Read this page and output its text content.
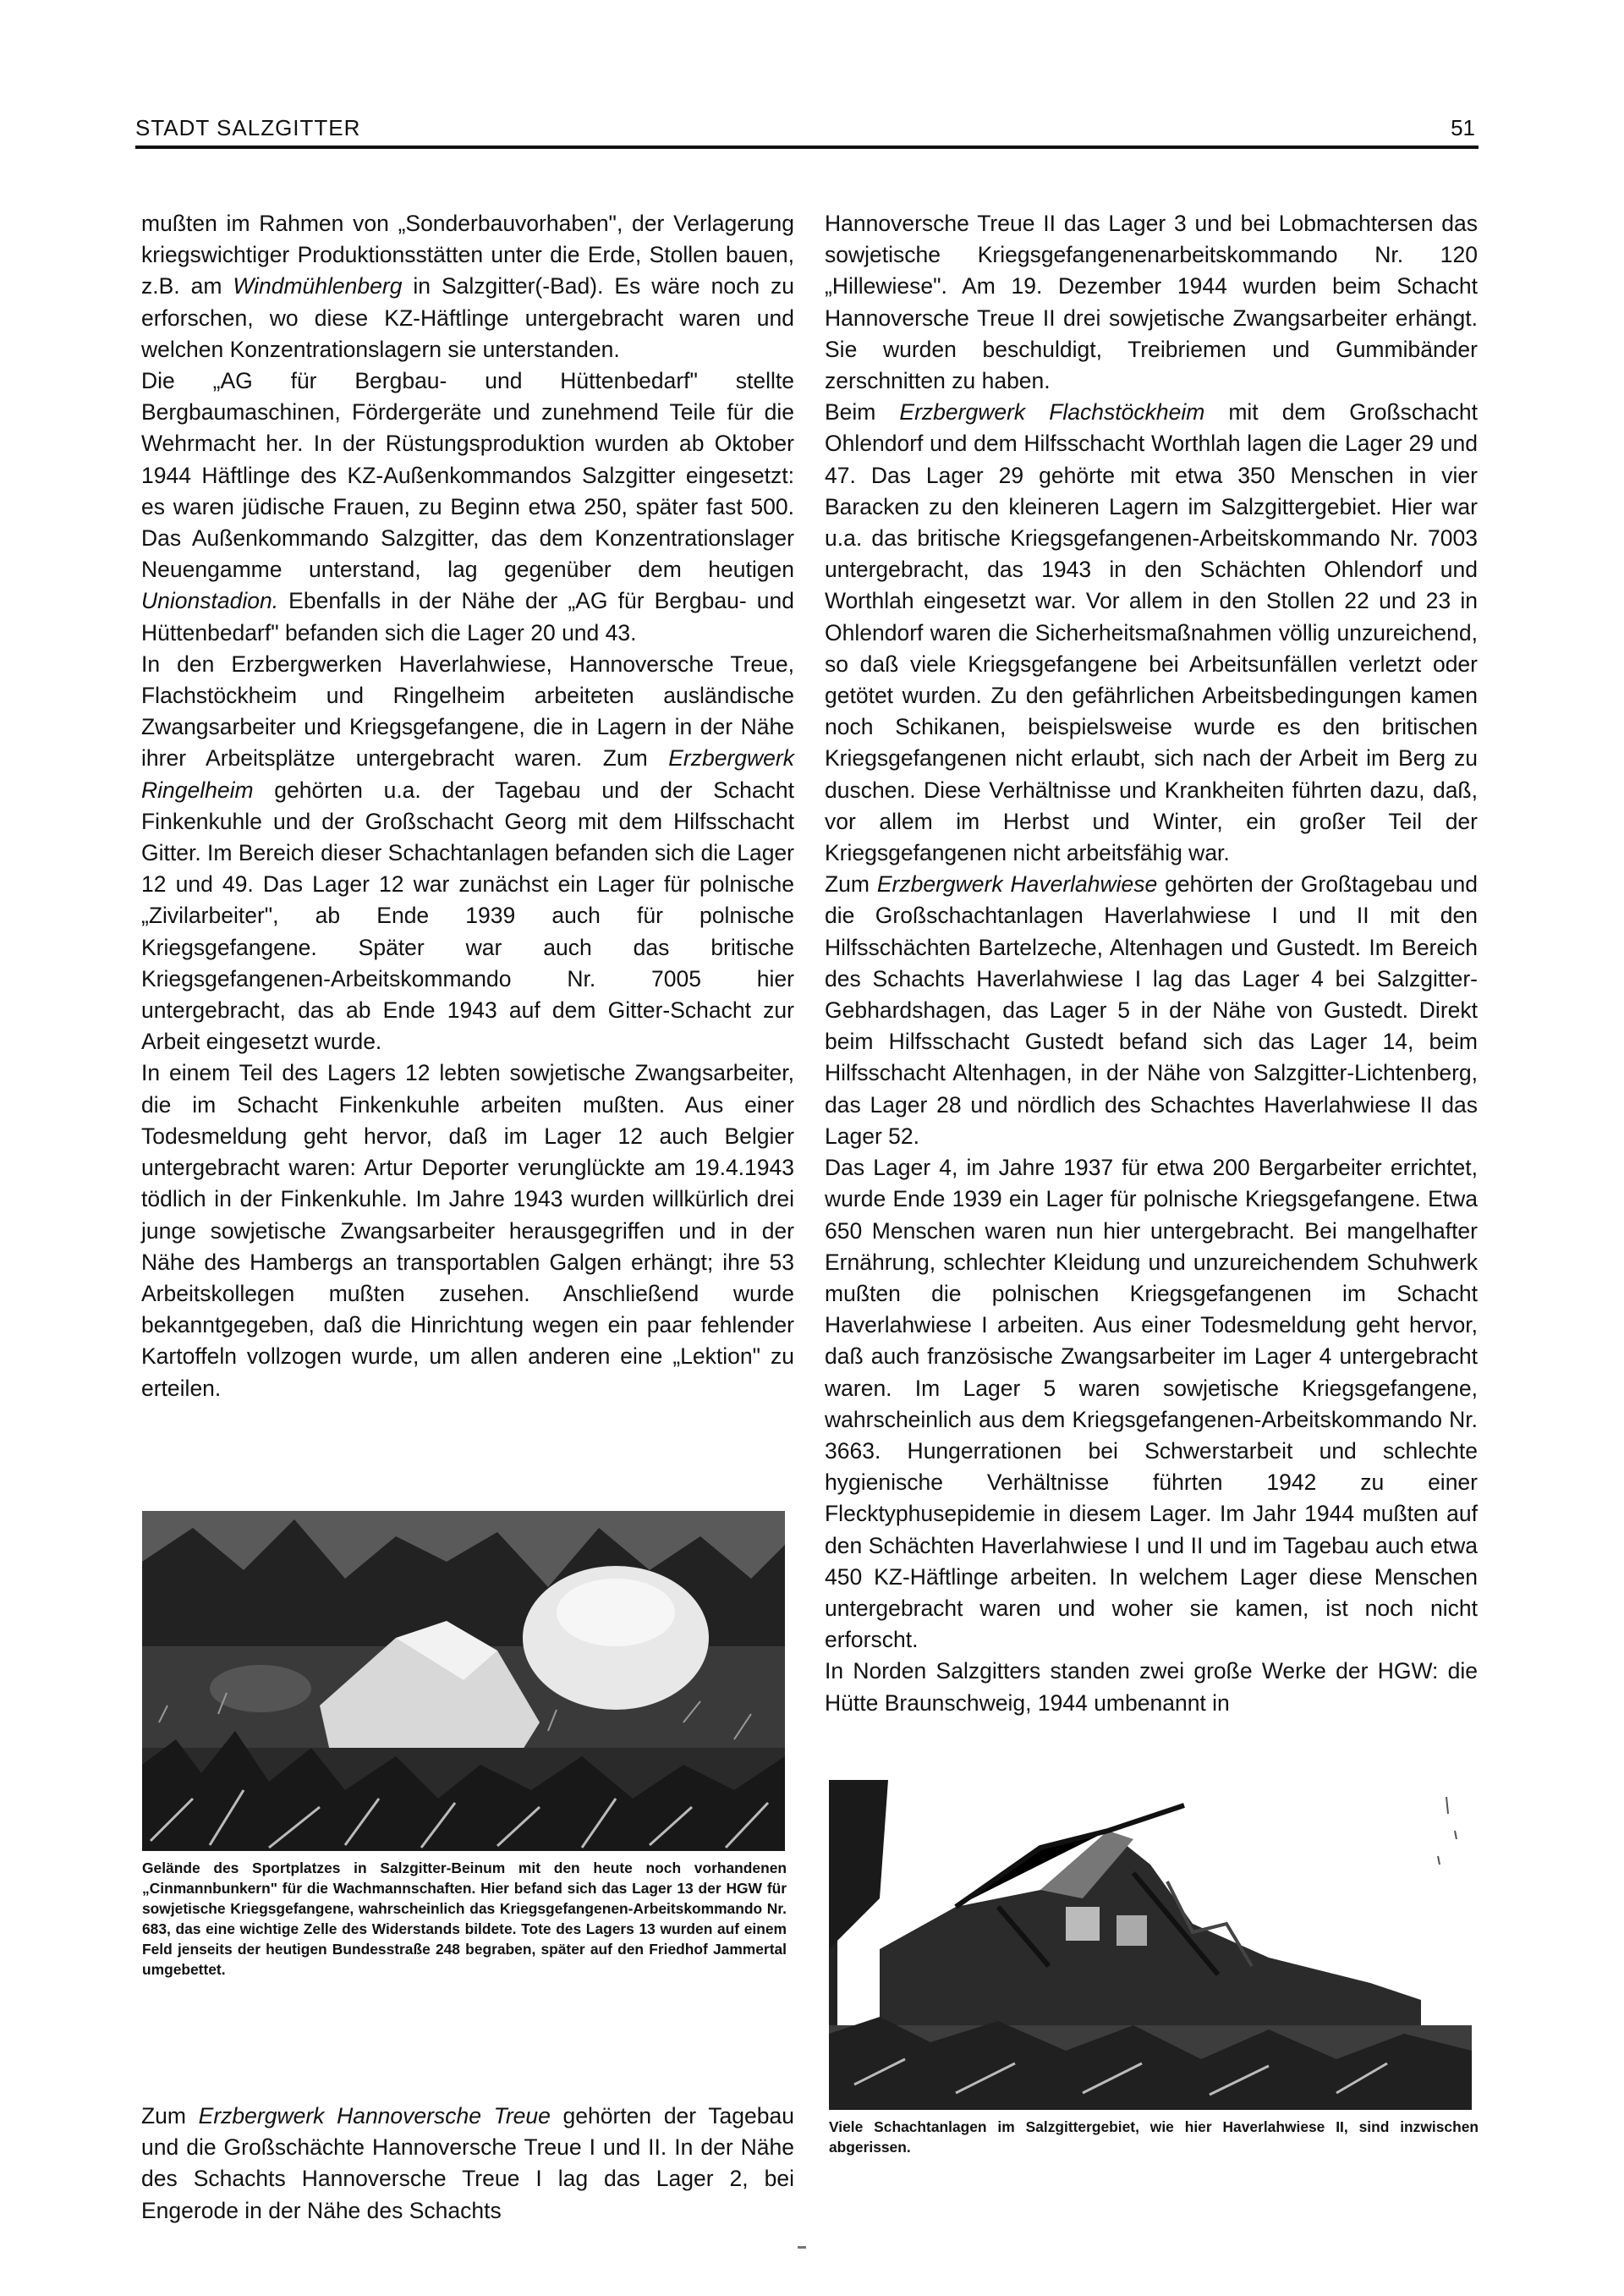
STADT SALZGITTER	51

mußten im Rahmen von „Sonderbauvorhaben", der Verlagerung kriegswichtiger Produktionsstätten unter die Erde, Stollen bauen, z.B. am Windmühlenberg in Salzgitter(-Bad). Es wäre noch zu erforschen, wo diese KZ-Häftlinge untergebracht waren und welchen Konzentrationslagern sie unterstanden.

Die „AG für Bergbau- und Hüttenbedarf" stellte Bergbaumaschinen, Fördergeräte und zunehmend Teile für die Wehrmacht her. In der Rüstungsproduktion wurden ab Oktober 1944 Häftlinge des KZ-Außenkommandos Salzgitter eingesetzt: es waren jüdische Frauen, zu Beginn etwa 250, später fast 500. Das Außenkommando Salzgitter, das dem Konzentrationslager Neuengamme unterstand, lag gegenüber dem heutigen Unionstadion. Ebenfalls in der Nähe der „AG für Bergbau- und Hüttenbedarf" befanden sich die Lager 20 und 43.

In den Erzbergwerken Haverlahwiese, Hannoversche Treue, Flachstöckheim und Ringelheim arbeiteten ausländische Zwangsarbeiter und Kriegsgefangene, die in Lagern in der Nähe ihrer Arbeitsplätze untergebracht waren. Zum Erzbergwerk Ringelheim gehörten u.a. der Tagebau und der Schacht Finkenkuhle und der Großschacht Georg mit dem Hilfsschacht Gitter. Im Bereich dieser Schachtanlagen befanden sich die Lager 12 und 49. Das Lager 12 war zunächst ein Lager für polnische „Zivilarbeiter", ab Ende 1939 auch für polnische Kriegsgefangene. Später war auch das britische Kriegsgefangenen-Arbeitskommando Nr. 7005 hier untergebracht, das ab Ende 1943 auf dem Gitter-Schacht zur Arbeit eingesetzt wurde.

In einem Teil des Lagers 12 lebten sowjetische Zwangsarbeiter, die im Schacht Finkenkuhle arbeiten mußten. Aus einer Todesmeldung geht hervor, daß im Lager 12 auch Belgier untergebracht waren: Artur Deporter verunglückte am 19.4.1943 tödlich in der Finkenkuhle. Im Jahre 1943 wurden willkürlich drei junge sowjetische Zwangsarbeiter herausgegriffen und in der Nähe des Hambergs an transportablen Galgen erhängt; ihre 53 Arbeitskollegen mußten zusehen. Anschließend wurde bekanntgegeben, daß die Hinrichtung wegen ein paar fehlender Kartoffeln vollzogen wurde, um allen anderen eine „Lektion" zu erteilen.

Gelände des Sportplatzes in Salzgitter-Beinum mit den heute noch vorhandenen „Cinmannbunkern" für die Wachmannschaften. Hier befand sich das Lager 13 der HGW für sowjetische Kriegsgefangene, wahrscheinlich das Kriegsgefangenen-Arbeitskommando Nr. 683, das eine wichtige Zelle des Widerstands bildete. Tote des Lagers 13 wurden auf einem Feld jenseits der heutigen Bundesstraße 248 begraben, später auf den Friedhof Jammertal umgebettet.

Zum Erzbergwerk Hannoversche Treue gehörten der Tagebau und die Großschächte Hannoversche Treue I und II. In der Nähe des Schachts Hannoversche Treue I lag das Lager 2, bei Engerode in der Nähe des Schachts

Hannoversche Treue II das Lager 3 und bei Lobmachtersen das sowjetische Kriegsgefangenenarbeitskommando Nr. 120 „Hillewiese". Am 19. Dezember 1944 wurden beim Schacht Hannoversche Treue II drei sowjetische Zwangsarbeiter erhängt. Sie wurden beschuldigt, Treibriemen und Gummibänder zerschnitten zu haben.

Beim Erzbergwerk Flachstöckheim mit dem Großschacht Ohlendorf und dem Hilfsschacht Worthlah lagen die Lager 29 und 47. Das Lager 29 gehörte mit etwa 350 Menschen in vier Baracken zu den kleineren Lagern im Salzgittergebiet. Hier war u.a. das britische Kriegsgefangenen-Arbeitskommando Nr. 7003 untergebracht, das 1943 in den Schächten Ohlendorf und Worthlah eingesetzt war. Vor allem in den Stollen 22 und 23 in Ohlendorf waren die Sicherheitsmaßnahmen völlig unzureichend, so daß viele Kriegsgefangene bei Arbeitsunfällen verletzt oder getötet wurden. Zu den gefährlichen Arbeitsbedingungen kamen noch Schikanen, beispielsweise wurde es den britischen Kriegsgefangenen nicht erlaubt, sich nach der Arbeit im Berg zu duschen. Diese Verhältnisse und Krankheiten führten dazu, daß, vor allem im Herbst und Winter, ein großer Teil der Kriegsgefangenen nicht arbeitsfähig war.

Zum Erzbergwerk Haverlahwiese gehörten der Großtagebau und die Großschachtanlagen Haverlahwiese I und II mit den Hilfsschächten Bartelzeche, Altenhagen und Gustedt. Im Bereich des Schachts Haverlahwiese I lag das Lager 4 bei Salzgitter-Gebhardshagen, das Lager 5 in der Nähe von Gustedt. Direkt beim Hilfsschacht Gustedt befand sich das Lager 14, beim Hilfsschacht Altenhagen, in der Nähe von Salzgitter-Lichtenberg, das Lager 28 und nördlich des Schachtes Haverlahwiese II das Lager 52.

Das Lager 4, im Jahre 1937 für etwa 200 Bergarbeiter errichtet, wurde Ende 1939 ein Lager für polnische Kriegsgefangene. Etwa 650 Menschen waren nun hier untergebracht. Bei mangelhafter Ernährung, schlechter Kleidung und unzureichendem Schuhwerk mußten die polnischen Kriegsgefangenen im Schacht Haverlahwiese I arbeiten. Aus einer Todesmeldung geht hervor, daß auch französische Zwangsarbeiter im Lager 4 untergebracht waren. Im Lager 5 waren sowjetische Kriegsgefangene, wahrscheinlich aus dem Kriegsgefangenen-Arbeitskommando Nr. 3663. Hungerrationen bei Schwerstarbeit und schlechte hygienische Verhältnisse führten 1942 zu einer Flecktyphusepidemie in diesem Lager. Im Jahr 1944 mußten auf den Schächten Haverlahwiese I und II und im Tagebau auch etwa 450 KZ-Häftlinge arbeiten. In welchem Lager diese Menschen untergebracht waren und woher sie kamen, ist noch nicht erforscht.

In Norden Salzgitters standen zwei große Werke der HGW: die Hütte Braunschweig, 1944 umbenannt in

Viele Schachtanlagen im Salzgittergebiet, wie hier Haverlahwiese II, sind inzwischen abgerissen.
